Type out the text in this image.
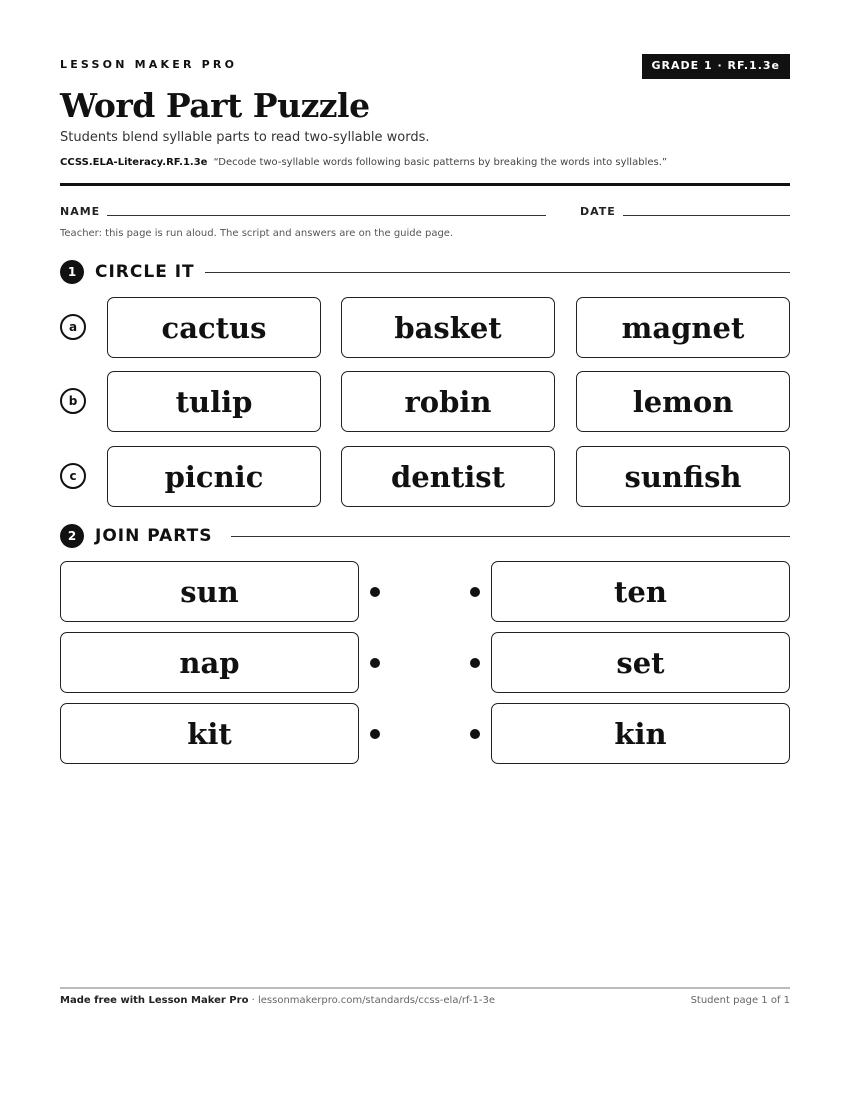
LESSON MAKER PRO	GRADE 1 · RF.1.3e
Word Part Puzzle
Students blend syllable parts to read two-syllable words.
CCSS.ELA-Literacy.RF.1.3e “Decode two-syllable words following basic patterns by breaking the words into syllables.”
NAME	DATE
Teacher: this page is run aloud. The script and answers are on the guide page.
1	CIRCLE IT
a	cactus	basket	magnet
b	tulip	robin	lemon
c	picnic	dentist	sunfish
2	JOIN PARTS
sun	ten
nap	set
kit	kin
Made free with Lesson Maker Pro · lessonmakerpro.com/standards/ccss-ela/rf-1-3e	Student page 1 of 1
